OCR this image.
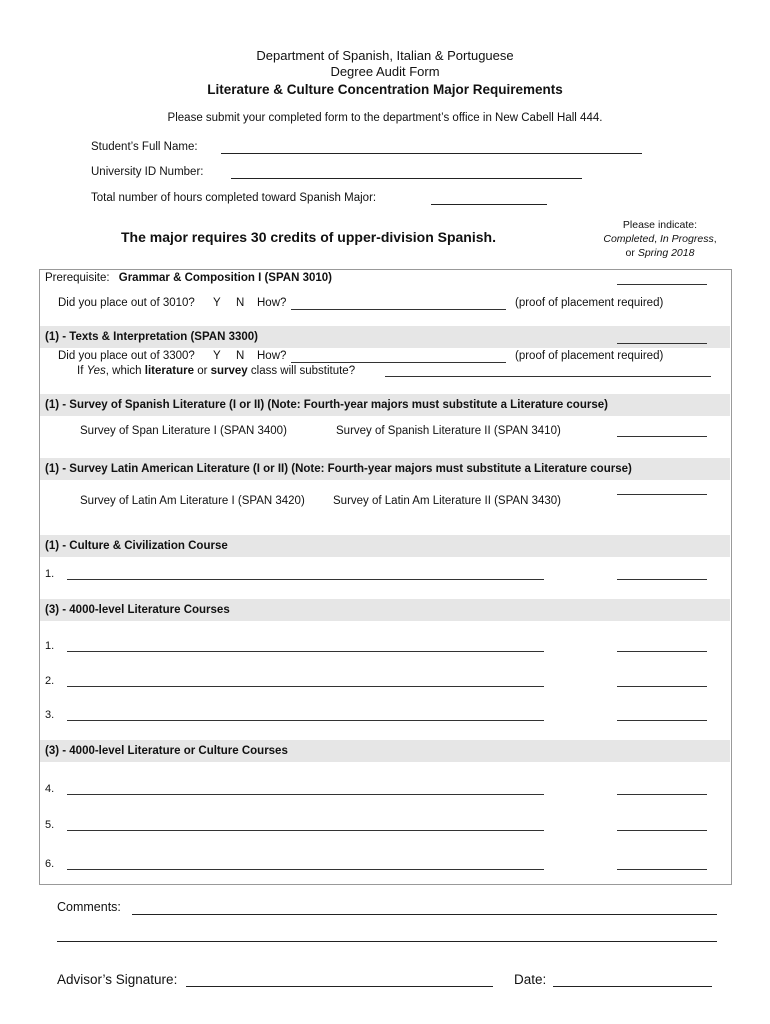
Department of Spanish, Italian & Portuguese
Degree Audit Form
Literature & Culture Concentration Major Requirements
Please submit your completed form to the department’s office in New Cabell Hall 444.
Student’s Full Name:
University ID Number:
Total number of hours completed toward Spanish Major:
The major requires 30 credits of upper-division Spanish.
Please indicate:
Completed, In Progress,
or Spring 2018
Prerequisite: Grammar & Composition I (SPAN 3010)
Did you place out of 3010? Y N How?	(proof of placement required)
(1) - Texts & Interpretation (SPAN 3300)
Did you place out of 3300? Y N How?	(proof of placement required)
If Yes, which literature or survey class will substitute?
(1) - Survey of Spanish Literature (I or II) (Note: Fourth-year majors must substitute a Literature course)
Survey of Span Literature I (SPAN 3400)	Survey of Spanish Literature II (SPAN 3410)
(1) - Survey Latin American Literature (I or II) (Note: Fourth-year majors must substitute a Literature course)
Survey of Latin Am Literature I (SPAN 3420) Survey of Latin Am Literature II (SPAN 3430)
(1) - Culture & Civilization Course
1.
(3) - 4000-level Literature Courses
1.
2.
3.
(3) - 4000-level Literature or Culture Courses
4.
5.
6.
Comments:
Advisor’s Signature:	Date:
